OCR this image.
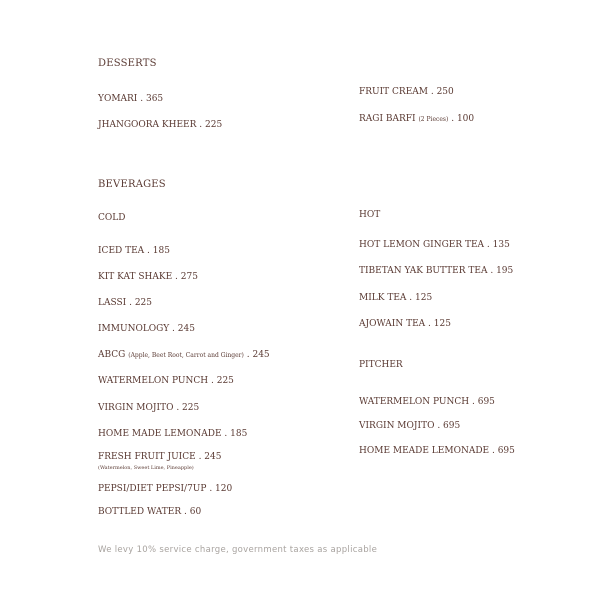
DESSERTS
YOMARI . 365
JHANGOORA KHEER . 225
FRUIT CREAM . 250
RAGI BARFI (2 Pieces) . 100
BEVERAGES
COLD
ICED TEA . 185
KIT KAT SHAKE . 275
LASSI . 225
IMMUNOLOGY . 245
ABCG (Apple, Beet Root, Carrot and Ginger) . 245
WATERMELON PUNCH . 225
VIRGIN MOJITO . 225
HOME MADE LEMONADE . 185
FRESH FRUIT JUICE . 245
(Watermelon, Sweet Lime, Pineapple)
PEPSI/DIET PEPSI/7UP . 120
BOTTLED WATER . 60
HOT
HOT LEMON GINGER TEA . 135
TIBETAN YAK BUTTER TEA . 195
MILK TEA . 125
AJOWAIN TEA . 125
PITCHER
WATERMELON PUNCH . 695
VIRGIN MOJITO . 695
HOME MEADE LEMONADE . 695
We levy 10% service charge, government taxes as applicable
